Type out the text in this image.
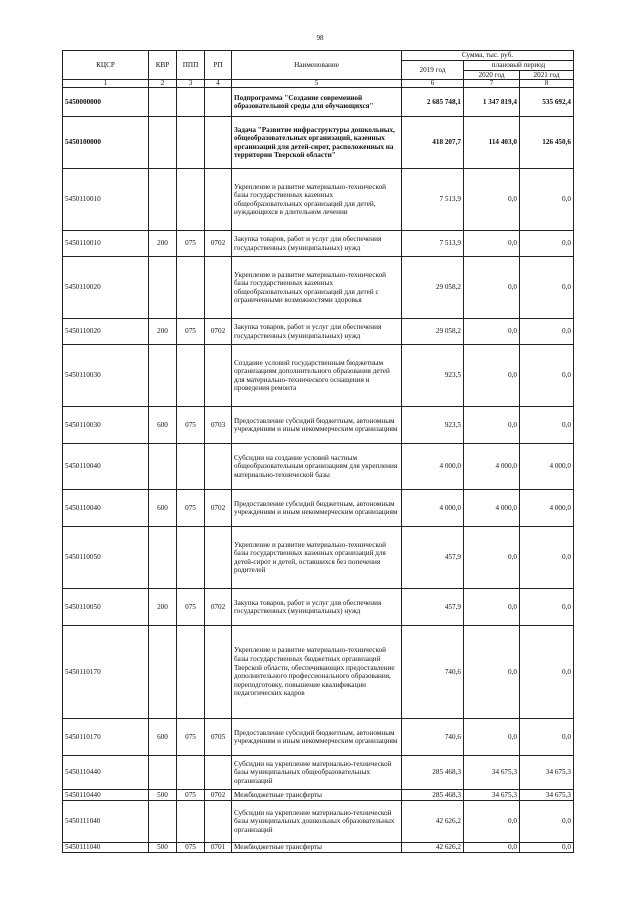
98
КЦСР	КВР	ППП	РП	Наименование	Сумма, тыс. руб.		
					2019 год	плановый период	
						2020 год	2021 год
1	2	3	4	5	6	7	8
5450000000				Подпрограмма "Создание современной образовательной среды для обучающихся"	2 685 748,1	1 347 819,4	535 692,4
5450100000				Задача "Развитие инфраструктуры дошкольных, общеобразовательных организаций, казенных организаций для детей-сирот, расположенных на территории Тверской области"	418 207,7	114 403,0	126 450,6
5450110010				Укрепление и развитие материально-технической базы государственных казенных общеобразовательных организаций для детей, нуждающихся в длительном лечении	7 513,9	0,0	0,0
5450110010	200	075	0702	Закупка товаров, работ и услуг для обеспечения государственных (муниципальных) нужд	7 513,9	0,0	0,0
5450110020				Укрепление и развитие материально-технической базы государственных казенных общеобразовательных организаций для детей с ограниченными возможностями здоровья	29 058,2	0,0	0,0
5450110020	200	075	0702	Закупка товаров, работ и услуг для обеспечения государственных (муниципальных) нужд	29 058,2	0,0	0,0
5450110030				Создание условий государственным бюджетным организациям дополнительного образования детей для материально-технического оснащения и проведения ремонта	923,5	0,0	0,0
5450110030	600	075	0703	Предоставление субсидий бюджетным, автономным учреждениям и иным некоммерческим организациям	923,5	0,0	0,0
5450110040				Субсидии на создание условий частным общеобразовательным организациям для укрепления материально-технической базы	4 000,0	4 000,0	4 000,0
5450110040	600	075	0702	Предоставление субсидий бюджетным, автономным учреждениям и иным некоммерческим организациям	4 000,0	4 000,0	4 000,0
5450110050				Укрепление и развитие материально-технической базы государственных казенных организаций для детей-сирот и детей, оставшихся без попечения родителей	457,9	0,0	0,0
5450110050	200	075	0702	Закупка товаров, работ и услуг для обеспечения государственных (муниципальных) нужд	457,9	0,0	0,0
5450110170				Укрепление и развитие материально-технической базы государственных бюджетных организаций Тверской области, обеспечивающих предоставление дополнительного профессионального образования, переподготовку, повышение квалификации педагогических кадров	740,6	0,0	0,0
5450110170	600	075	0705	Предоставление субсидий бюджетным, автономным учреждениям и иным некоммерческим организациям	740,6	0,0	0,0
5450110440				Субсидии на укрепление материально-технической базы муниципальных общеобразовательных организаций	285 468,3	34 675,3	34 675,3
5450110440	500	075	0702	Межбюджетные трансферты	285 468,3	34 675,3	34 675,3
5450111040				Субсидии на укрепление материально-технической базы муниципальных дошкольных образовательных организаций	42 626,2	0,0	0,0
5450111040	500	075	0701	Межбюджетные трансферты	42 626,2	0,0	0,0
